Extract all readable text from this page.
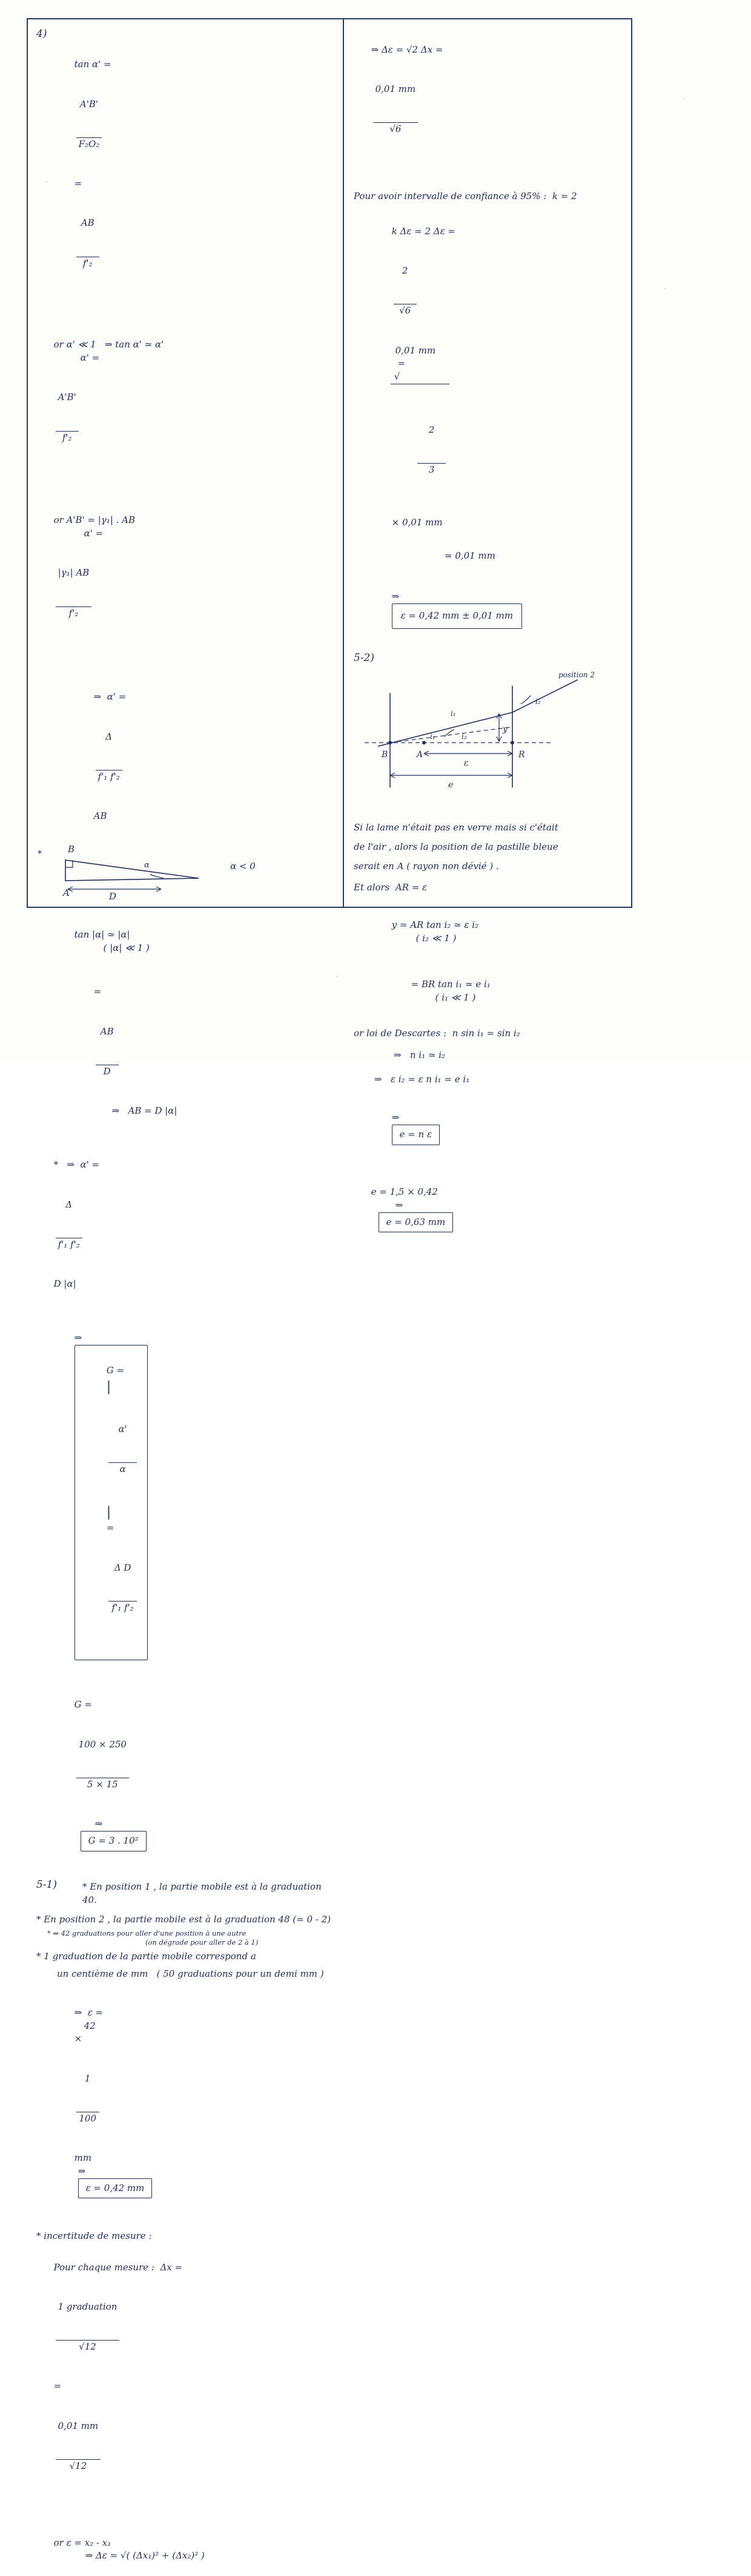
4)

tan α' =

$\frac{A'B'}{\text{F₂O₂}}$

=

$\frac{AB}{\text{f'₂}}$

or α' ≪ 1   ⇒ tan α' ≃ α'
α' =

$\frac{A'B'}{\text{f'₂}}$

or A'B' = |γ₁| . AB
α' =

$\frac{\text{|γ₁| AB}}{\text{f'₂}}$

⇒  α' =

$\frac{\Delta}{\text{f'₁ f'₂}}$

AB

*	B
A
α
D
α < 0

tan |α| ≃ |α|
( |α| ≪ 1 )

=

$\frac{AB}{D}$

⇒   AB = D |α|

*   ⇒  α' =

$\frac{\Delta}{\text{f'₁ f'₂}}$

D |α|

⇒

G =
|

$\frac{\alpha'}{\alpha}$

|
=

$\frac{\text{Δ D}}{\text{f'₁ f'₂}}$

G =

$\frac{100 \times 250}{5 \times 15}$

⇒
G = 3 . 10²

5-1)	* En position 1 , la partie mobile est à la graduation 40.
* En position 2 , la partie mobile est à la graduation 48 (= 0 - 2)
* ⇒ 42 graduations pour aller d'une position à une autre
(on dégrade pour aller de 2 à 1)
* 1 graduation de la partie mobile correspond a
un centième de mm   ( 50 graduations pour un demi mm )

⇒  ε =
42
×

$\frac{1}{100}$

mm
⇒
ε = 0,42 mm

* incertitude de mesure :

Pour chaque mesure :  Δx =

$\frac{\text{1 graduation}}{√12}$

=

$\frac{0,01 mm}{√12}$

or ε = x₂ - x₁
⇒ Δε = √( (Δx₁)² + (Δx₂)² )

⇒ Δε = √2 Δx =

$\frac{0,01 mm}{√6}$

Pour avoir intervalle de confiance à 95% :  k = 2

k Δε = 2 Δε =

$\frac{2}{√6}$

0,01 mm
=
√

$\frac{2}{3}$

× 0,01 mm

≃ 0,01 mm

⇒
ε = 0,42 mm ± 0,01 mm

5-2)
B	A	R
i₁
i₁
i₂
i₂
y
ε
e
position 2
Si la lame n'était pas en verre mais si c'était
de l'air , alors la position de la pastille bleue
serait en A ( rayon non dévié ) .
Et alors  AR = ε

y = AR tan i₂ ≃ ε i₂
( i₂ ≪ 1 )

= BR tan i₁ ≃ e i₁
( i₁ ≪ 1 )

or loi de Descartes :  n sin i₁ = sin i₂
⇒   n i₁ ≃ i₂
⇒   ε i₂ = ε n i₁ = e i₁

⇒
e = n ε

e = 1,5 × 0,42
⇒
e = 0,63 mm
